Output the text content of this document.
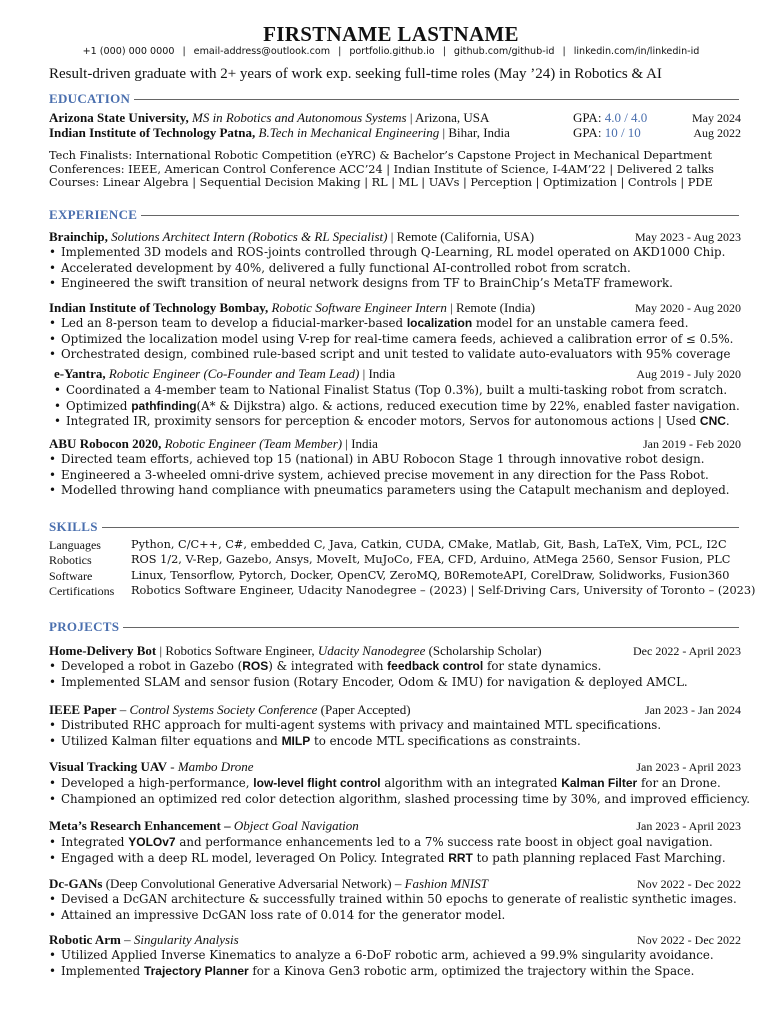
FIRSTNAME LASTNAME
+1 (000) 000 0000 | email-address@outlook.com | portfolio.github.io | github.com/github-id | linkedin.com/in/linkedin-id
Result-driven graduate with 2+ years of work exp. seeking full-time roles (May ’24) in Robotics & AI
EDUCATION
Arizona State University, MS in Robotics and Autonomous Systems | Arizona, USA	GPA: 4.0 / 4.0	May 2024
Indian Institute of Technology Patna, B.Tech in Mechanical Engineering | Bihar, India	GPA: 10 / 10	Aug 2022
Tech Finalists: International Robotic Competition (eYRC) & Bachelor’s Capstone Project in Mechanical Department
Conferences: IEEE, American Control Conference ACC’24 | Indian Institute of Science, I-4AM’22 | Delivered 2 talks
Courses: Linear Algebra | Sequential Decision Making | RL | ML | UAVs | Perception | Optimization | Controls | PDE
EXPERIENCE
Brainchip, Solutions Architect Intern (Robotics & RL Specialist) | Remote (California, USA)	May 2023 - Aug 2023
• Implemented 3D models and ROS-joints controlled through Q-Learning, RL model operated on AKD1000 Chip.
• Accelerated development by 40%, delivered a fully functional AI-controlled robot from scratch.
• Engineered the swift transition of neural network designs from TF to BrainChip’s MetaTF framework.
Indian Institute of Technology Bombay, Robotic Software Engineer Intern | Remote (India)	May 2020 - Aug 2020
• Led an 8-person team to develop a fiducial-marker-based localization model for an unstable camera feed.
• Optimized the localization model using V-rep for real-time camera feeds, achieved a calibration error of ≤ 0.5%.
• Orchestrated design, combined rule-based script and unit tested to validate auto-evaluators with 95% coverage
e-Yantra, Robotic Engineer (Co-Founder and Team Lead) | India	Aug 2019 - July 2020
• Coordinated a 4-member team to National Finalist Status (Top 0.3%), built a multi-tasking robot from scratch.
• Optimized pathfinding(A* & Dijkstra) algo. & actions, reduced execution time by 22%, enabled faster navigation.
• Integrated IR, proximity sensors for perception & encoder motors, Servos for autonomous actions | Used CNC.
ABU Robocon 2020, Robotic Engineer (Team Member) | India	Jan 2019 - Feb 2020
• Directed team efforts, achieved top 15 (national) in ABU Robocon Stage 1 through innovative robot design.
• Engineered a 3-wheeled omni-drive system, achieved precise movement in any direction for the Pass Robot.
• Modelled throwing hand compliance with pneumatics parameters using the Catapult mechanism and deployed.
SKILLS
Languages	Python, C/C++, C#, embedded C, Java, Catkin, CUDA, CMake, Matlab, Git, Bash, LaTeX, Vim, PCL, I2C
Robotics	ROS 1/2, V-Rep, Gazebo, Ansys, MoveIt, MuJoCo, FEA, CFD, Arduino, AtMega 2560, Sensor Fusion, PLC
Software	Linux, Tensorflow, Pytorch, Docker, OpenCV, ZeroMQ, B0RemoteAPI, CorelDraw, Solidworks, Fusion360
Certifications Robotics Software Engineer, Udacity Nanodegree – (2023) | Self-Driving Cars, University of Toronto – (2023)
PROJECTS
Home-Delivery Bot | Robotics Software Engineer, Udacity Nanodegree (Scholarship Scholar)	Dec 2022 - April 2023
• Developed a robot in Gazebo (ROS) & integrated with feedback control for state dynamics.
• Implemented SLAM and sensor fusion (Rotary Encoder, Odom & IMU) for navigation & deployed AMCL.
IEEE Paper – Control Systems Society Conference (Paper Accepted)	Jan 2023 - Jan 2024
• Distributed RHC approach for multi-agent systems with privacy and maintained MTL specifications.
• Utilized Kalman filter equations and MILP to encode MTL specifications as constraints.
Visual Tracking UAV - Mambo Drone	Jan 2023 - April 2023
• Developed a high-performance, low-level flight control algorithm with an integrated Kalman Filter for an Drone.
• Championed an optimized red color detection algorithm, slashed processing time by 30%, and improved efficiency.
Meta’s Research Enhancement – Object Goal Navigation	Jan 2023 - April 2023
• Integrated YOLOv7 and performance enhancements led to a 7% success rate boost in object goal navigation.
• Engaged with a deep RL model, leveraged On Policy. Integrated RRT to path planning replaced Fast Marching.
Dc-GANs (Deep Convolutional Generative Adversarial Network) – Fashion MNIST	Nov 2022 - Dec 2022
• Devised a DcGAN architecture & successfully trained within 50 epochs to generate of realistic synthetic images.
• Attained an impressive DcGAN loss rate of 0.014 for the generator model.
Robotic Arm – Singularity Analysis	Nov 2022 - Dec 2022
• Utilized Applied Inverse Kinematics to analyze a 6-DoF robotic arm, achieved a 99.9% singularity avoidance.
• Implemented Trajectory Planner for a Kinova Gen3 robotic arm, optimized the trajectory within the Space.
